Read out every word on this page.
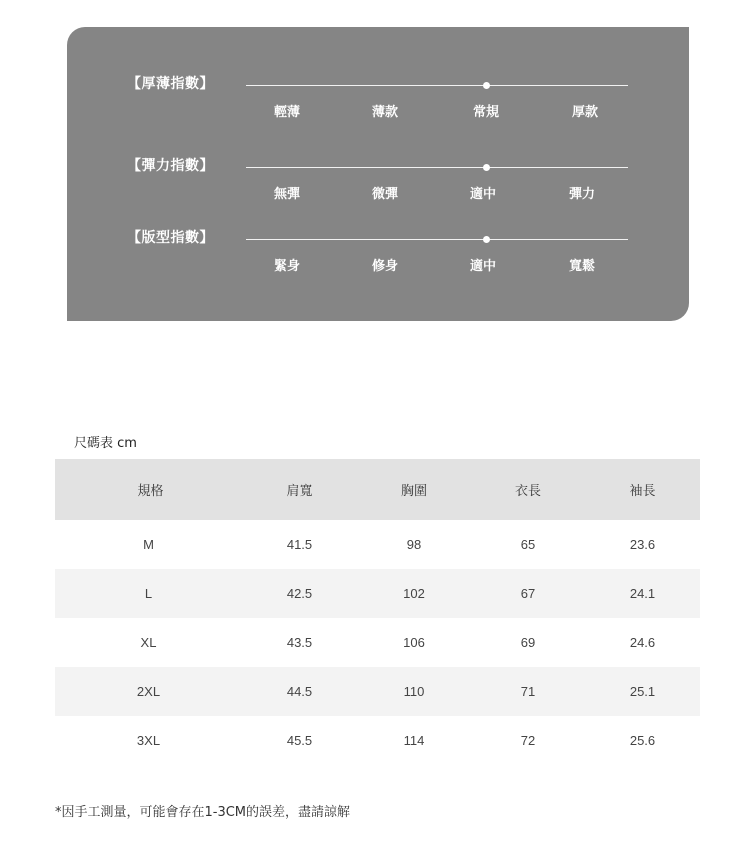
【厚薄指數】
輕薄	薄款	常規	厚款
【彈力指數】
無彈	微彈	適中	彈力
【版型指數】
緊身	修身	適中	寬鬆
尺碼表 cm
規格	肩寬	胸圍	衣長	袖長
M	41.5	98	65	23.6
L	42.5	102	67	24.1
XL	43.5	106	69	24.6
2XL	44.5	110	71	25.1
3XL	45.5	114	72	25.6
*因手工測量，可能會存在1-3CM的誤差，盡請諒解
